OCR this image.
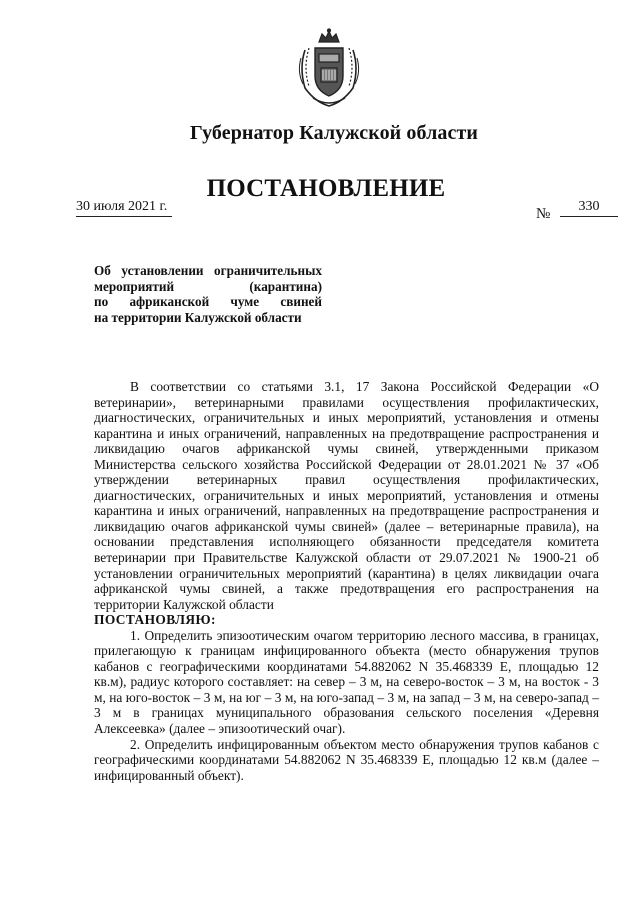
Губернатор Калужской области
ПОСТАНОВЛЕНИЕ
30 июля 2021 г.	№	330
Об установлении ограничительных
мероприятий (карантина)
по африканской чуме свиней
на территории Калужской области

В соответствии со статьями 3.1, 17 Закона Российской Федерации «О ветеринарии», ветеринарными правилами осуществления профилактических, диагностических, ограничительных и иных мероприятий, установления и отмены карантина и иных ограничений, направленных на предотвращение распространения и ликвидацию очагов африканской чумы свиней, утвержденными приказом Министерства сельского хозяйства Российской Федерации от 28.01.2021 № 37 «Об утверждении ветеринарных правил осуществления профилактических, диагностических, ограничительных и иных мероприятий, установления и отмены карантина и иных ограничений, направленных на предотвращение распространения и ликвидацию очагов африканской чумы свиней» (далее – ветеринарные правила), на основании представления исполняющего обязанности председателя комитета ветеринарии при Правительстве Калужской области от 29.07.2021 № 1900-21 об установлении ограничительных мероприятий (карантина) в целях ликвидации очага африканской чумы свиней, а также предотвращения его распространения на территории Калужской области

ПОСТАНОВЛЯЮ:

1. Определить эпизоотическим очагом территорию лесного массива, в границах, прилегающую к границам инфицированного объекта (место обнаружения трупов кабанов с географическими координатами 54.882062 N 35.468339 E, площадью 12 кв.м), радиус которого составляет: на север – 3 м, на северо-восток – 3 м, на восток - 3 м, на юго-восток – 3 м, на юг – 3 м, на юго-запад – 3 м, на запад – 3 м, на северо-запад – 3 м в границах муниципального образования сельского поселения «Деревня Алексеевка» (далее – эпизоотический очаг).

2. Определить инфицированным объектом место обнаружения трупов кабанов с географическими координатами 54.882062 N 35.468339 E, площадью 12 кв.м (далее – инфицированный объект).
